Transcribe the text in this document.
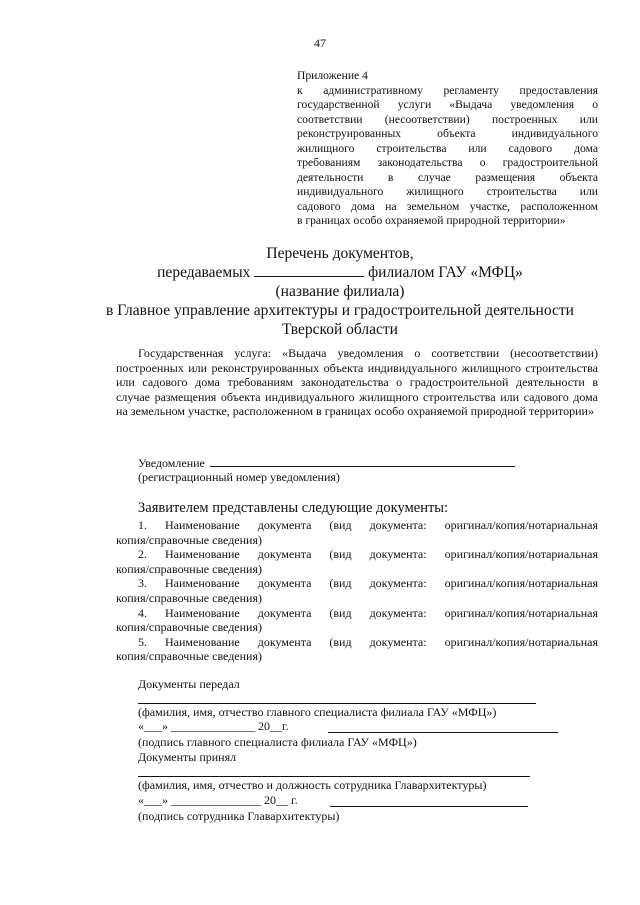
47
Приложение 4
к административному регламенту предоставления
государственной услуги «Выдача уведомления о
соответствии (несоответствии) построенных или
реконструированных объекта индивидуального
жилищного строительства или садового дома
требованиям законодательства о градостроительной
деятельности в случае размещения объекта
индивидуального жилищного строительства или
садового дома на земельном участке, расположенном
в границах особо охраняемой природной территории»
Перечень документов,
передаваемых	филиалом ГАУ «МФЦ»
(название филиала)
в Главное управление архитектуры и градостроительной деятельности
Тверской области
Государственная услуга: «Выдача уведомления о соответствии (несоответствии) построенных или реконструированных объекта индивидуального жилищного строительства или садового дома требованиям законодательства о градостроительной деятельности в случае размещения объекта индивидуального жилищного строительства или садового дома на земельном участке, расположенном в границах особо охраняемой природной территории»
Уведомление
(регистрационный номер уведомления)
Заявителем представлены следующие документы:
1. Наименование документа (вид документа: оригинал/копия/нотариальная
копия/справочные сведения)
2. Наименование документа (вид документа: оригинал/копия/нотариальная
копия/справочные сведения)
3. Наименование документа (вид документа: оригинал/копия/нотариальная
копия/справочные сведения)
4. Наименование документа (вид документа: оригинал/копия/нотариальная
копия/справочные сведения)
5. Наименование документа (вид документа: оригинал/копия/нотариальная
копия/справочные сведения)
Документы передал
(фамилия, имя, отчество главного специалиста филиала ГАУ «МФЦ»)
«___» ______________ 20__г.
(подпись главного специалиста филиала ГАУ «МФЦ»)
Документы принял
(фамилия, имя, отчество и должность сотрудника Главархитектуры)
«___» _______________ 20__ г.
(подпись сотрудника Главархитектуры)
